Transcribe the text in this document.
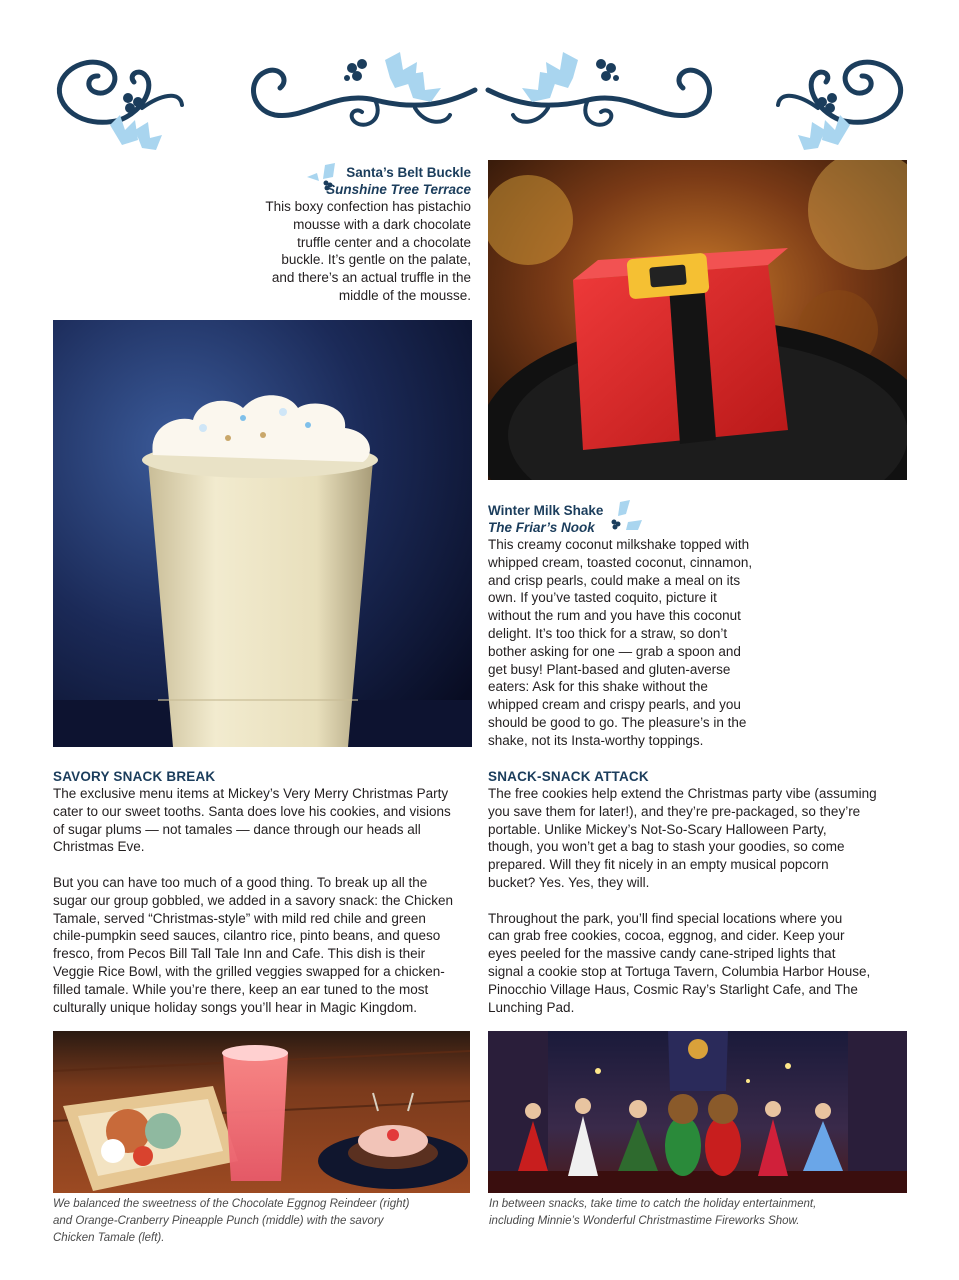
Santa’s Belt Buckle
Sunshine Tree Terrace
This boxy confection has pistachio
mousse with a dark chocolate
truffle center and a chocolate
buckle. It’s gentle on the palate,
and there’s an actual truffle in the
middle of the mousse.
Winter Milk Shake
The Friar’s Nook
This creamy coconut milkshake topped with
whipped cream, toasted coconut, cinnamon,
and crisp pearls, could make a meal on its
own. If you’ve tasted coquito, picture it
without the rum and you have this coconut
delight. It’s too thick for a straw, so don’t
bother asking for one — grab a spoon and
get busy! Plant-based and gluten-averse
eaters: Ask for this shake without the
whipped cream and crispy pearls, and you
should be good to go. The pleasure’s in the
shake, not its Insta-worthy toppings.
SAVORY SNACK BREAK
The exclusive menu items at Mickey’s Very Merry Christmas Party
cater to our sweet tooths. Santa does love his cookies, and visions
of sugar plums — not tamales — dance through our heads all
Christmas Eve.
But you can have too much of a good thing. To break up all the
sugar our group gobbled, we added in a savory snack: the Chicken
Tamale, served “Christmas-style” with mild red chile and green
chile-pumpkin seed sauces, cilantro rice, pinto beans, and queso
fresco, from Pecos Bill Tall Tale Inn and Cafe. This dish is their
Veggie Rice Bowl, with the grilled veggies swapped for a chicken-
filled tamale. While you’re there, keep an ear tuned to the most
culturally unique holiday songs you’ll hear in Magic Kingdom.
SNACK-SNACK ATTACK
The free cookies help extend the Christmas party vibe (assuming
you save them for later!), and they’re pre-packaged, so they’re
portable. Unlike Mickey’s Not-So-Scary Halloween Party,
though, you won’t get a bag to stash your goodies, so come
prepared. Will they fit nicely in an empty musical popcorn
bucket? Yes. Yes, they will.
Throughout the park, you’ll find special locations where you
can grab free cookies, cocoa, eggnog, and cider. Keep your
eyes peeled for the massive candy cane-striped lights that
signal a cookie stop at Tortuga Tavern, Columbia Harbor House,
Pinocchio Village Haus, Cosmic Ray’s Starlight Cafe, and The
Lunching Pad.
We balanced the sweetness of the Chocolate Eggnog Reindeer (right)
and Orange-Cranberry Pineapple Punch (middle) with the savory
Chicken Tamale (left).
In between snacks, take time to catch the holiday entertainment,
including Minnie’s Wonderful Christmastime Fireworks Show.
